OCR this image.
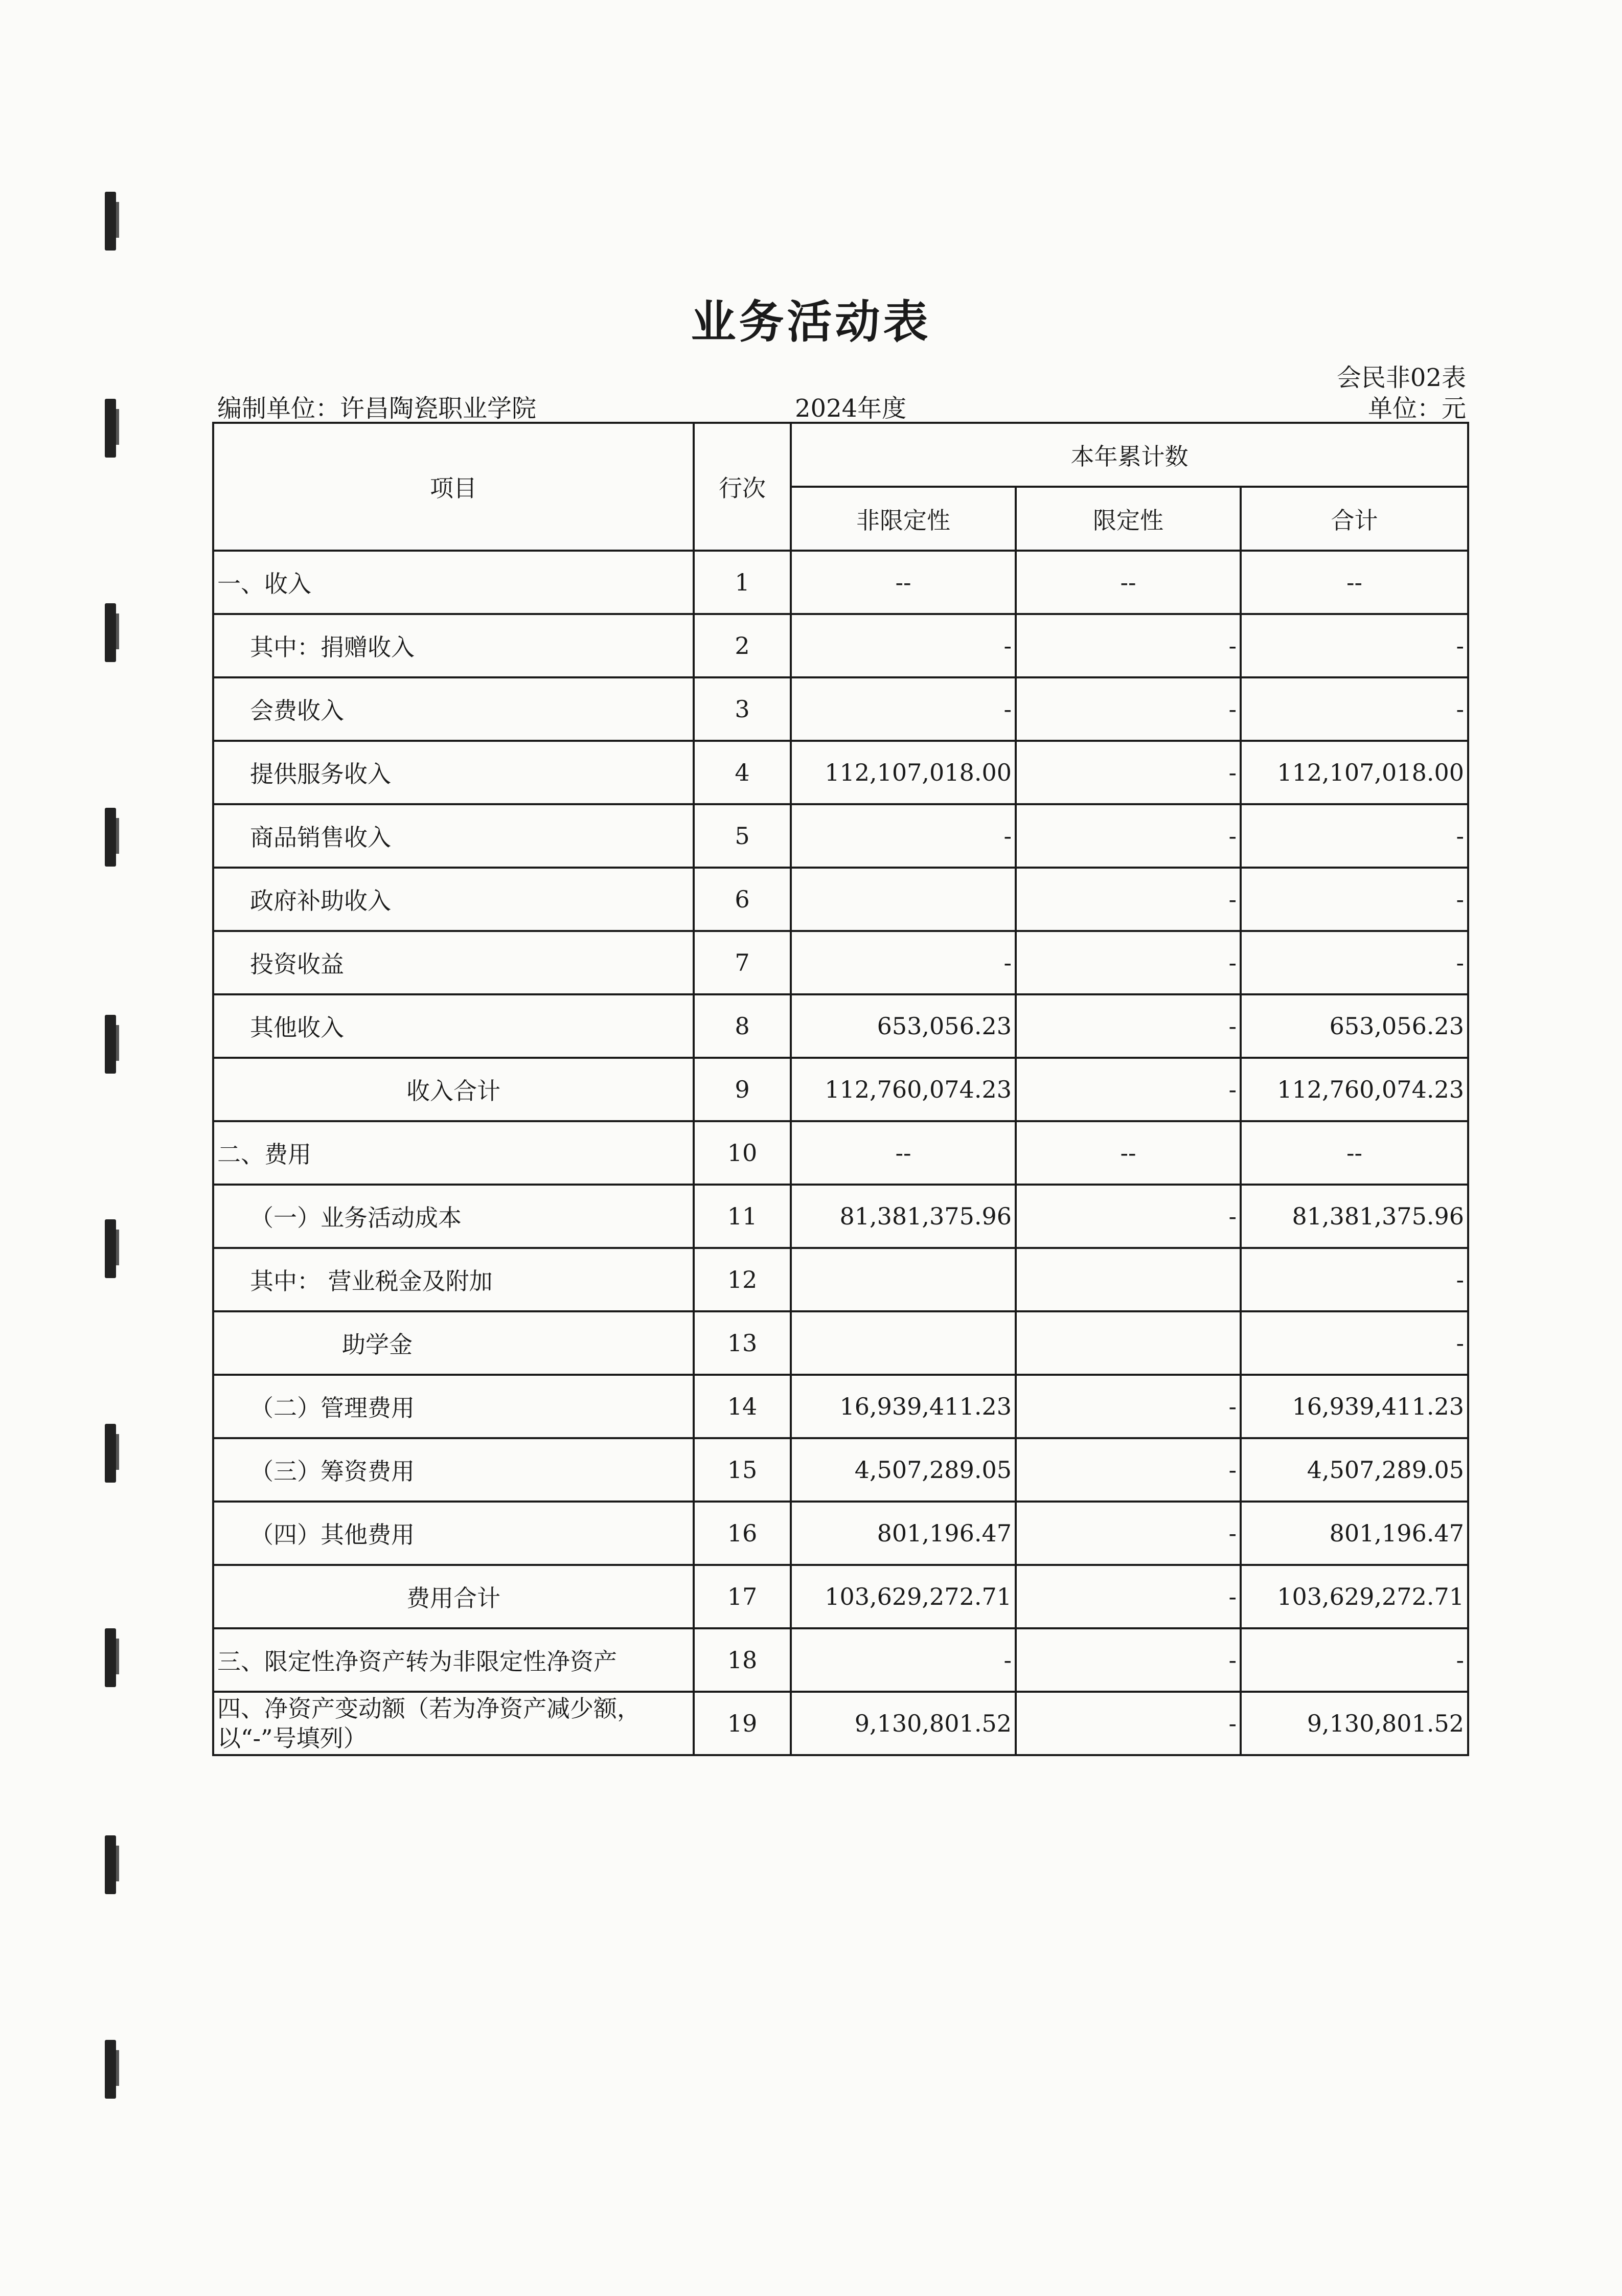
业务活动表
会民非02表
编制单位：许昌陶瓷职业学院	2024年度	单位：元
项目	行次	本年累计数		
		非限定性	限定性	合计
一、收入	1	--	--	--
其中：捐赠收入	2	-	-	-
会费收入	3	-	-	-
提供服务收入	4	112,107,018.00	-	112,107,018.00
商品销售收入	5	-	-	-
政府补助收入	6		-	-
投资收益	7	-	-	-
其他收入	8	653,056.23	-	653,056.23
收入合计	9	112,760,074.23	-	112,760,074.23
二、费用	10	--	--	--
（一）业务活动成本	11	81,381,375.96	-	81,381,375.96
其中： 营业税金及附加	12			-
助学金	13			-
（二）管理费用	14	16,939,411.23	-	16,939,411.23
（三）筹资费用	15	4,507,289.05	-	4,507,289.05
（四）其他费用	16	801,196.47	-	801,196.47
费用合计	17	103,629,272.71	-	103,629,272.71
三、限定性净资产转为非限定性净资产	18	-	-	-
四、净资产变动额（若为净资产减少额，以“-”号填列）	19	9,130,801.52	-	9,130,801.52
